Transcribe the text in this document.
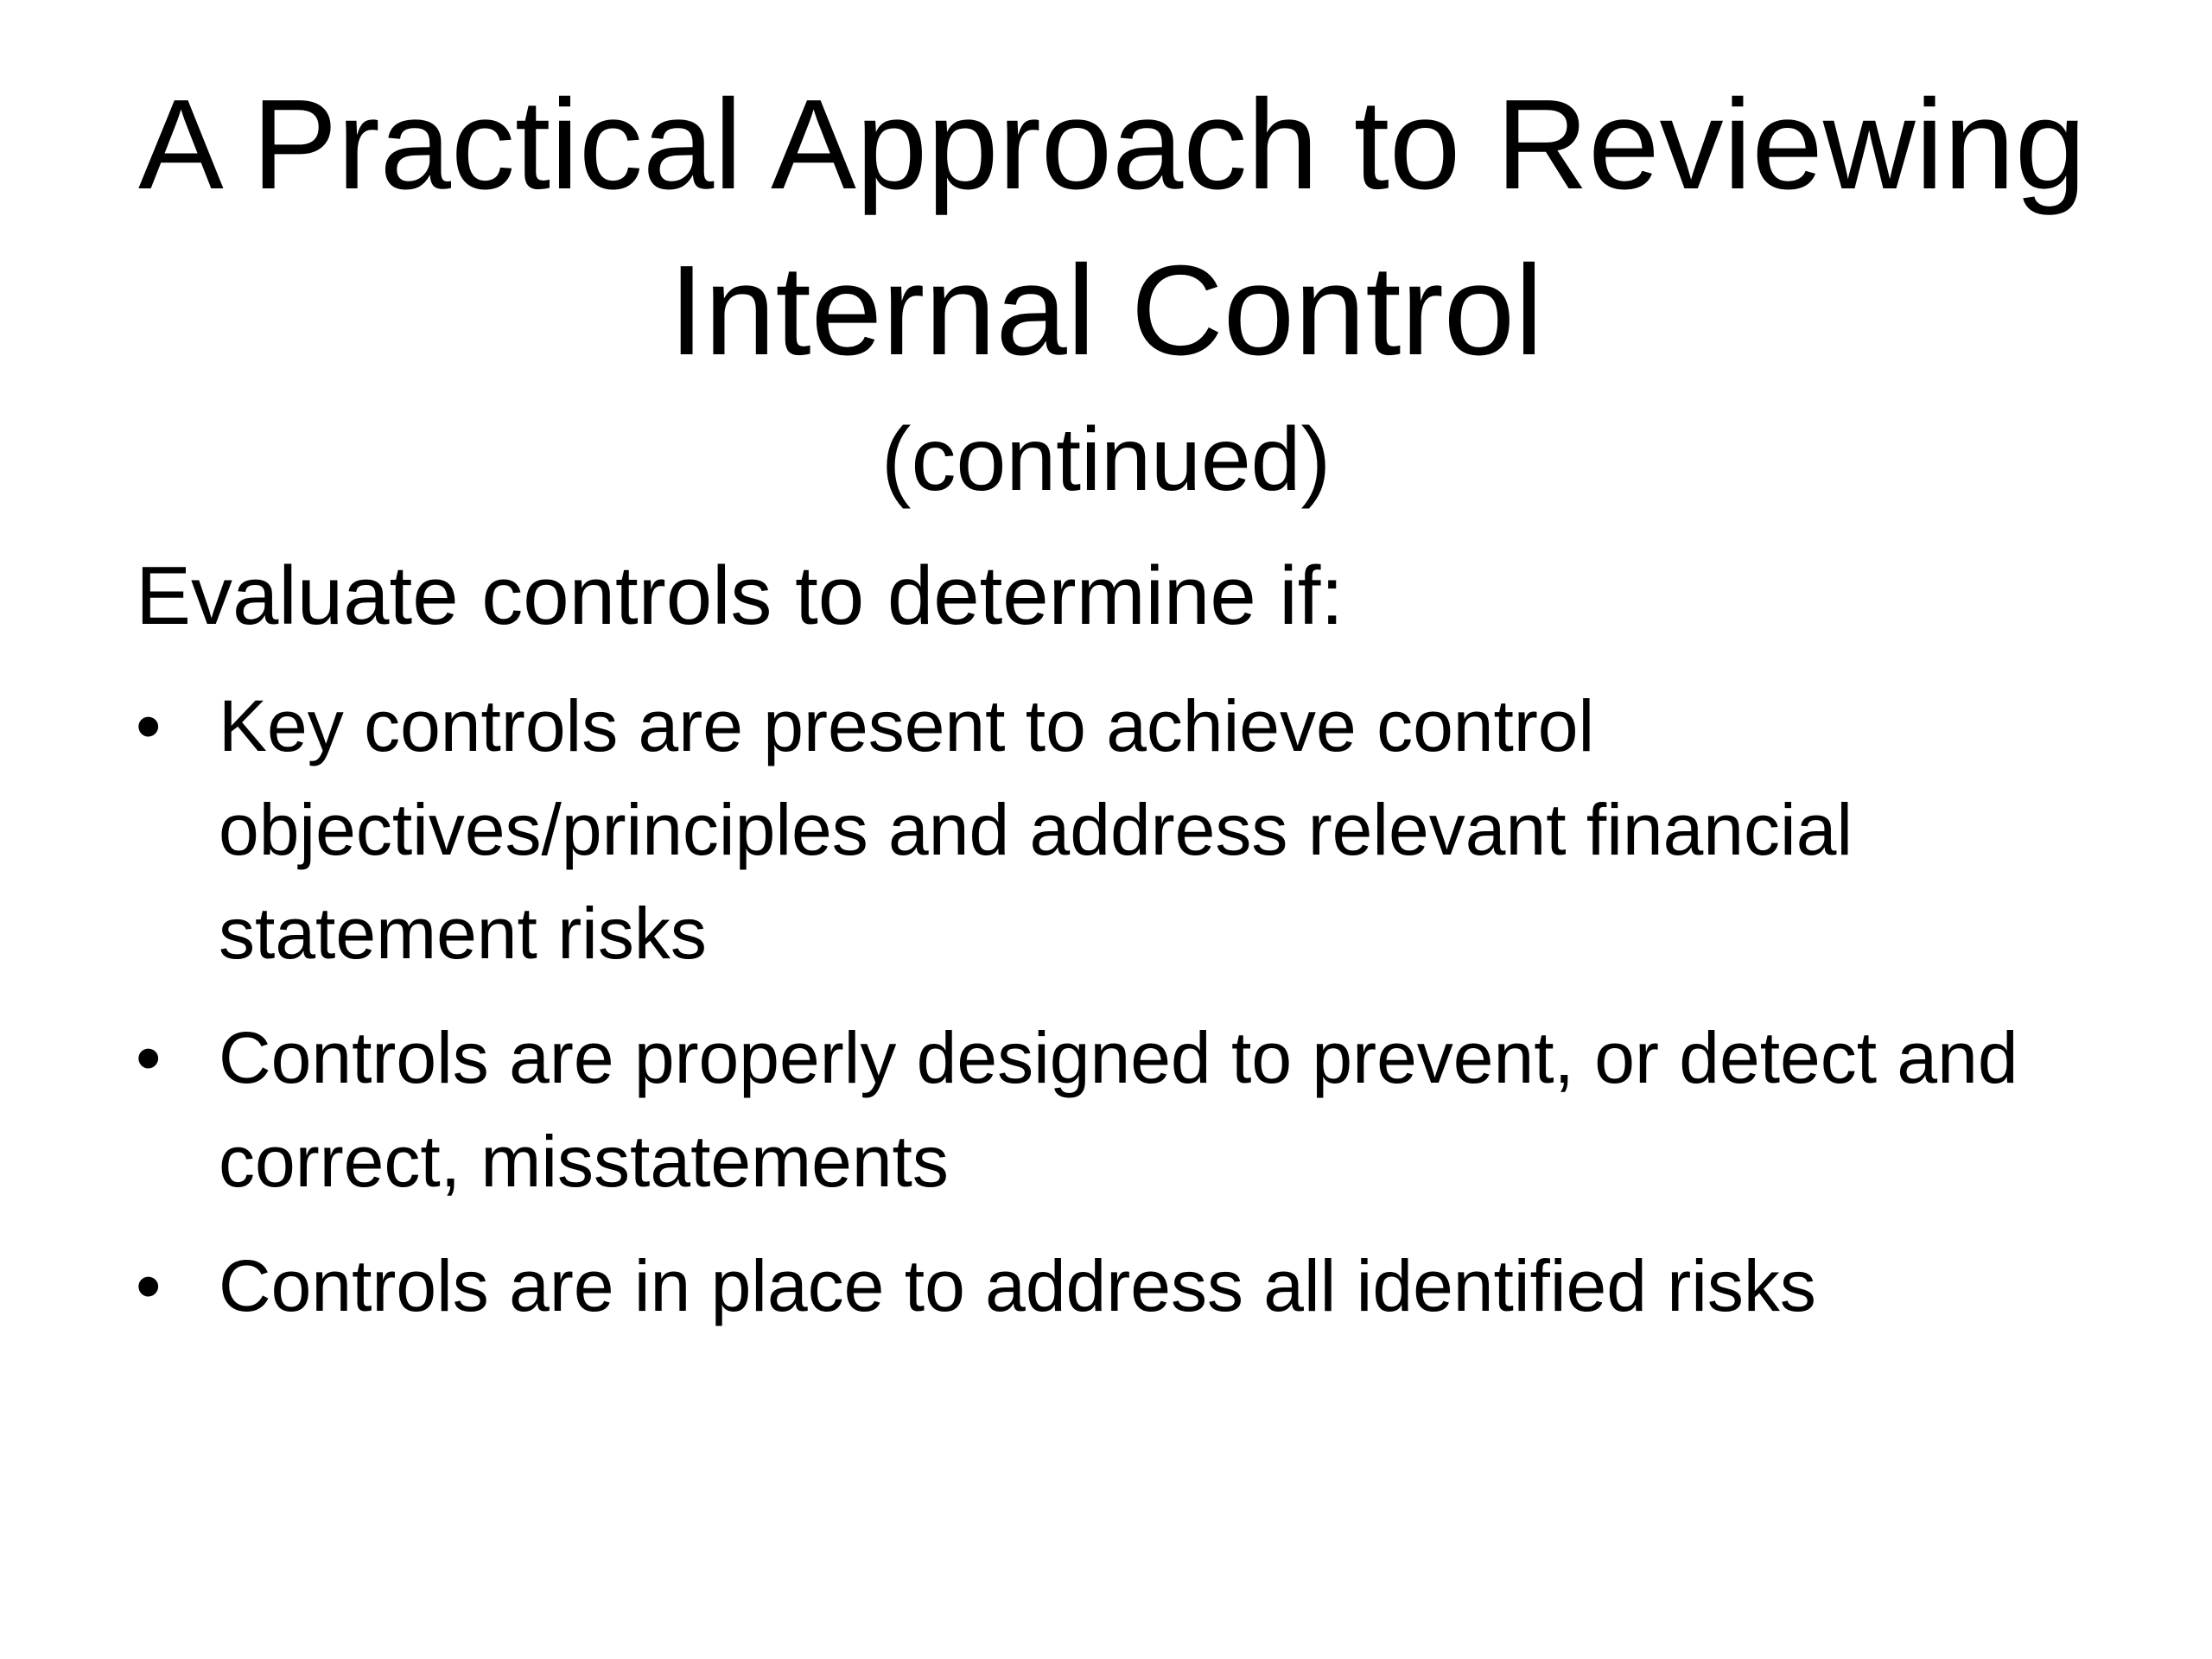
A Practical Approach to Reviewing
Internal Control
(continued)

Evaluate controls to determine if:

• Key controls are present to achieve control objectives/principles and address relevant financial statement risks
• Controls are properly designed to prevent, or detect and correct, misstatements
• Controls are in place to address all identified risks
